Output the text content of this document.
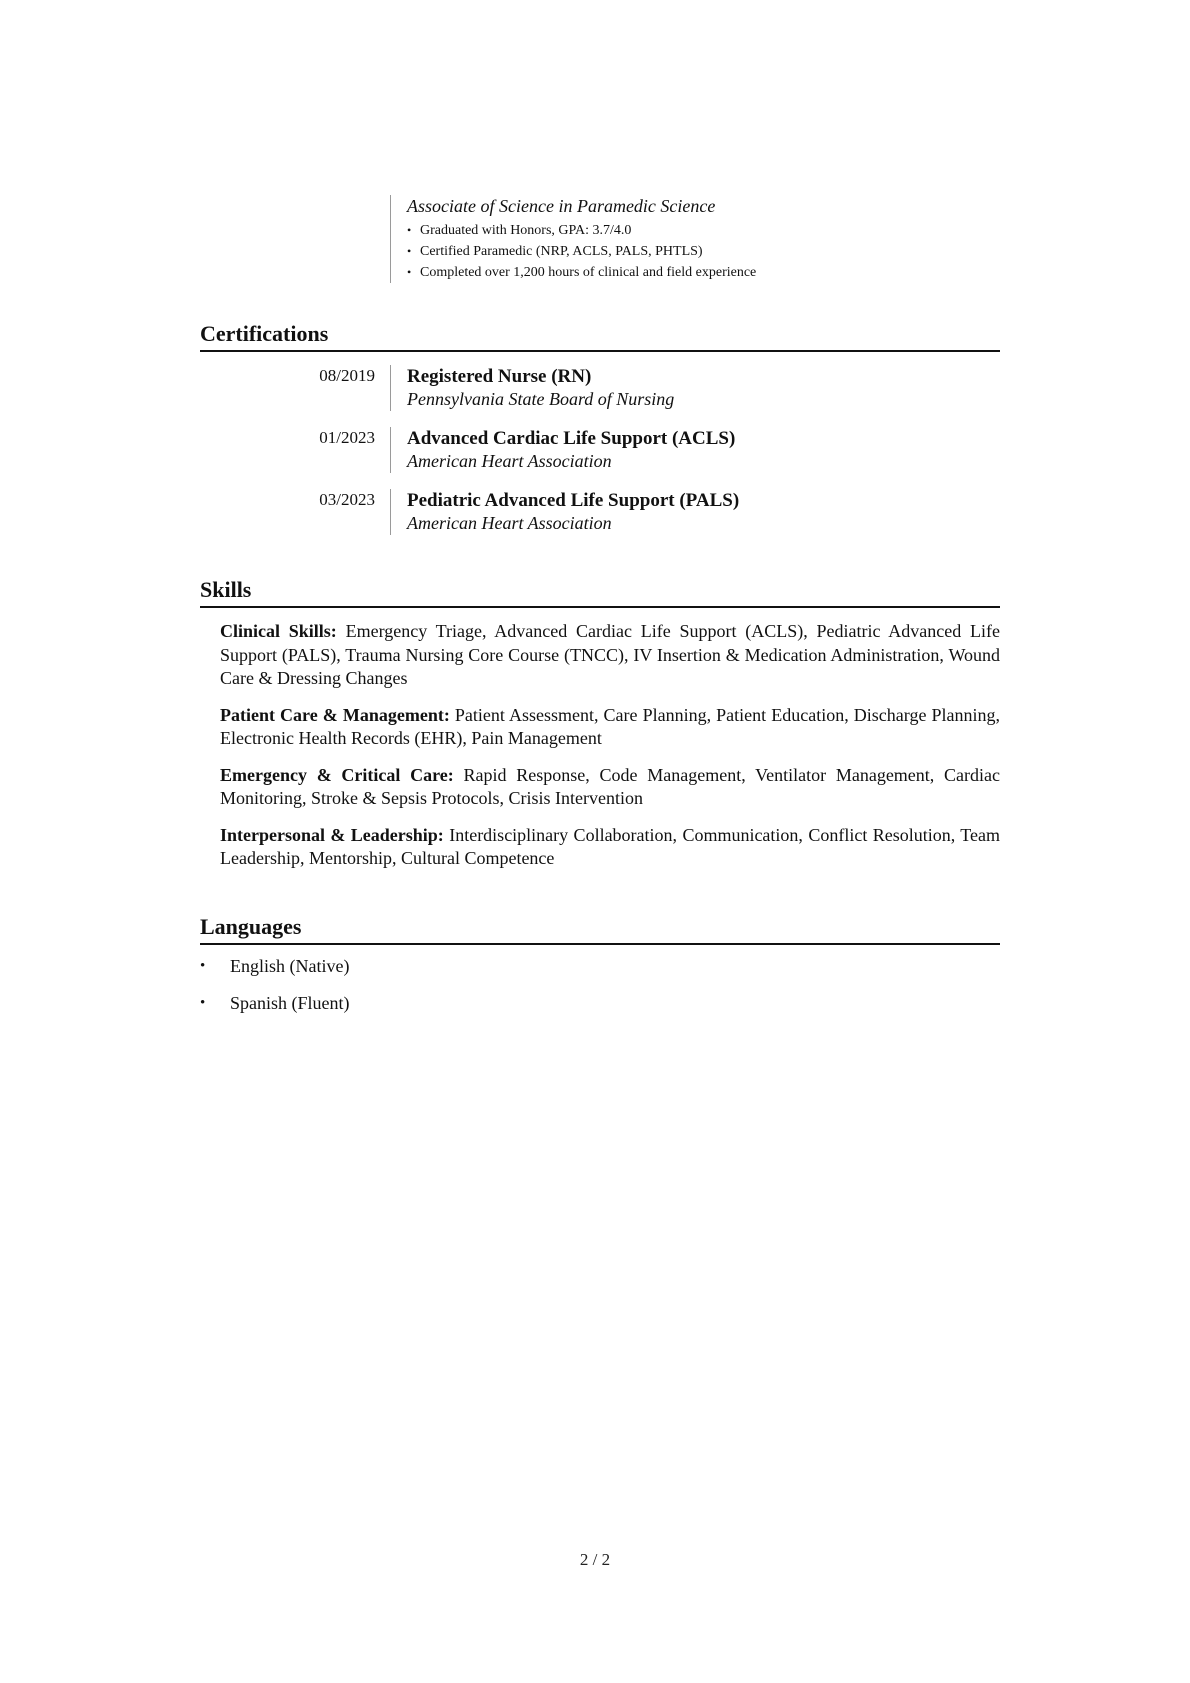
Associate of Science in Paramedic Science

• Graduated with Honors, GPA: 3.7/4.0
• Certified Paramedic (NRP, ACLS, PALS, PHTLS)
• Completed over 1,200 hours of clinical and field experience
Certifications
08/2019 Registered Nurse (RN)
Pennsylvania State Board of Nursing
01/2023 Advanced Cardiac Life Support (ACLS)
American Heart Association
03/2023 Pediatric Advanced Life Support (PALS)
American Heart Association
Skills

Clinical Skills: Emergency Triage, Advanced Cardiac Life Support (ACLS), Pediatric Advanced Life Support (PALS), Trauma Nursing Core Course (TNCC), IV Insertion & Medication Administration, Wound Care & Dressing Changes

Patient Care & Management: Patient Assessment, Care Planning, Patient Education, Discharge Planning, Electronic Health Records (EHR), Pain Management

Emergency & Critical Care: Rapid Response, Code Management, Ventilator Management, Cardiac Monitoring, Stroke & Sepsis Protocols, Crisis Intervention

Interpersonal & Leadership: Interdisciplinary Collaboration, Communication, Conflict Resolution, Team Leadership, Mentorship, Cultural Competence

Languages
• English (Native)
• Spanish (Fluent)
2 / 2
